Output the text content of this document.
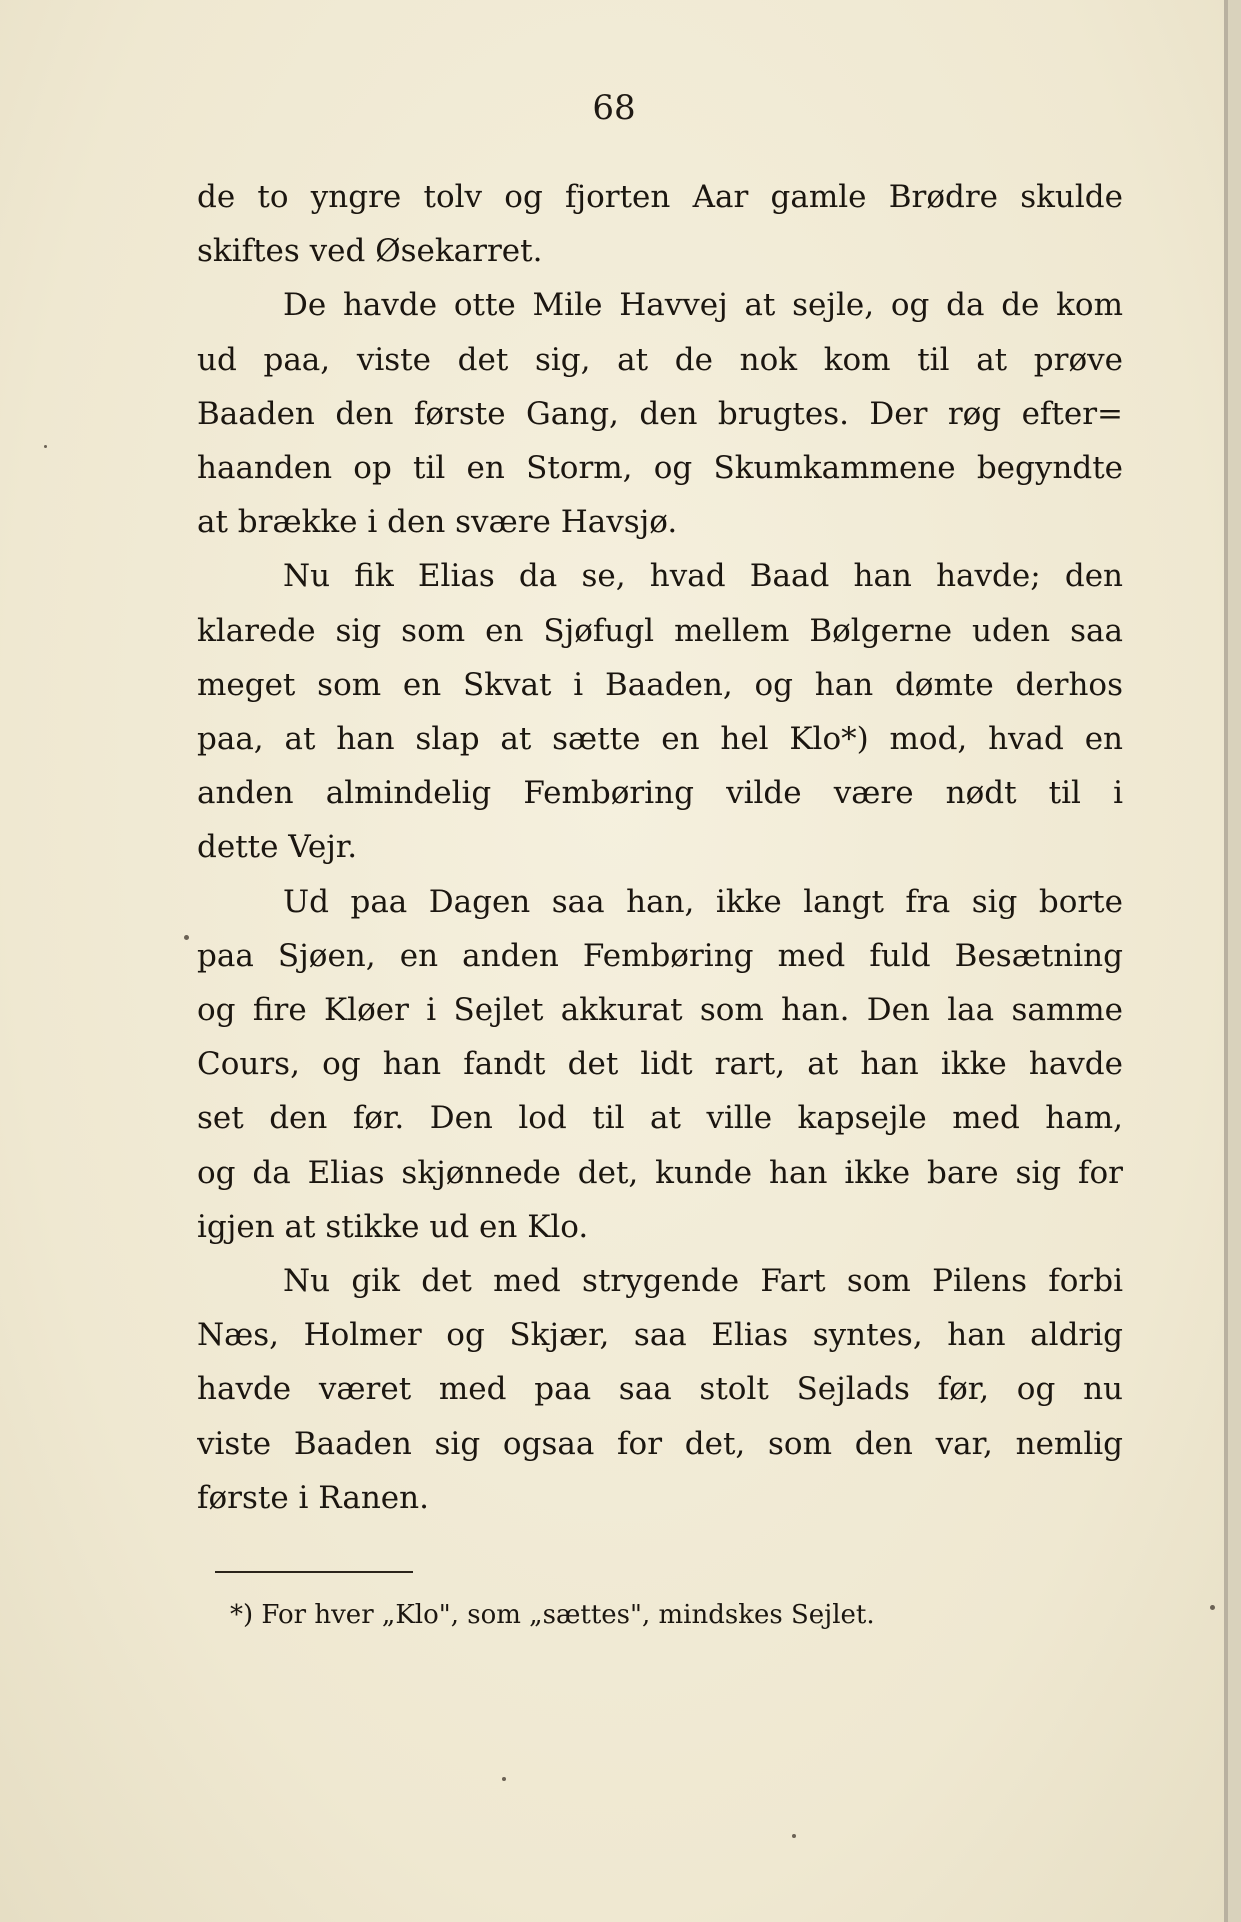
68
de to yngre tolv og fjorten Aar gamle Brødre skulde
skiftes ved Øsekarret.
De havde otte Mile Havvej at sejle, og da de kom
ud paa, viste det sig, at de nok kom til at prøve
Baaden den første Gang, den brugtes. Der røg efter=
haanden op til en Storm, og Skumkammene begyndte
at brække i den svære Havsjø.
Nu fik Elias da se, hvad Baad han havde; den
klarede sig som en Sjøfugl mellem Bølgerne uden saa
meget som en Skvat i Baaden, og han dømte derhos
paa, at han slap at sætte en hel Klo*) mod, hvad en
anden almindelig Fembøring vilde være nødt til i
dette Vejr.
Ud paa Dagen saa han, ikke langt fra sig borte
paa Sjøen, en anden Fembøring med fuld Besætning
og fire Kløer i Sejlet akkurat som han. Den laa samme
Cours, og han fandt det lidt rart, at han ikke havde
set den før. Den lod til at ville kapsejle med ham,
og da Elias skjønnede det, kunde han ikke bare sig for
igjen at stikke ud en Klo.
Nu gik det med strygende Fart som Pilens forbi
Næs, Holmer og Skjær, saa Elias syntes, han aldrig
havde været med paa saa stolt Sejlads før, og nu
viste Baaden sig ogsaa for det, som den var, nemlig
første i Ranen.
*) For hver „Klo", som „sættes", mindskes Sejlet.
